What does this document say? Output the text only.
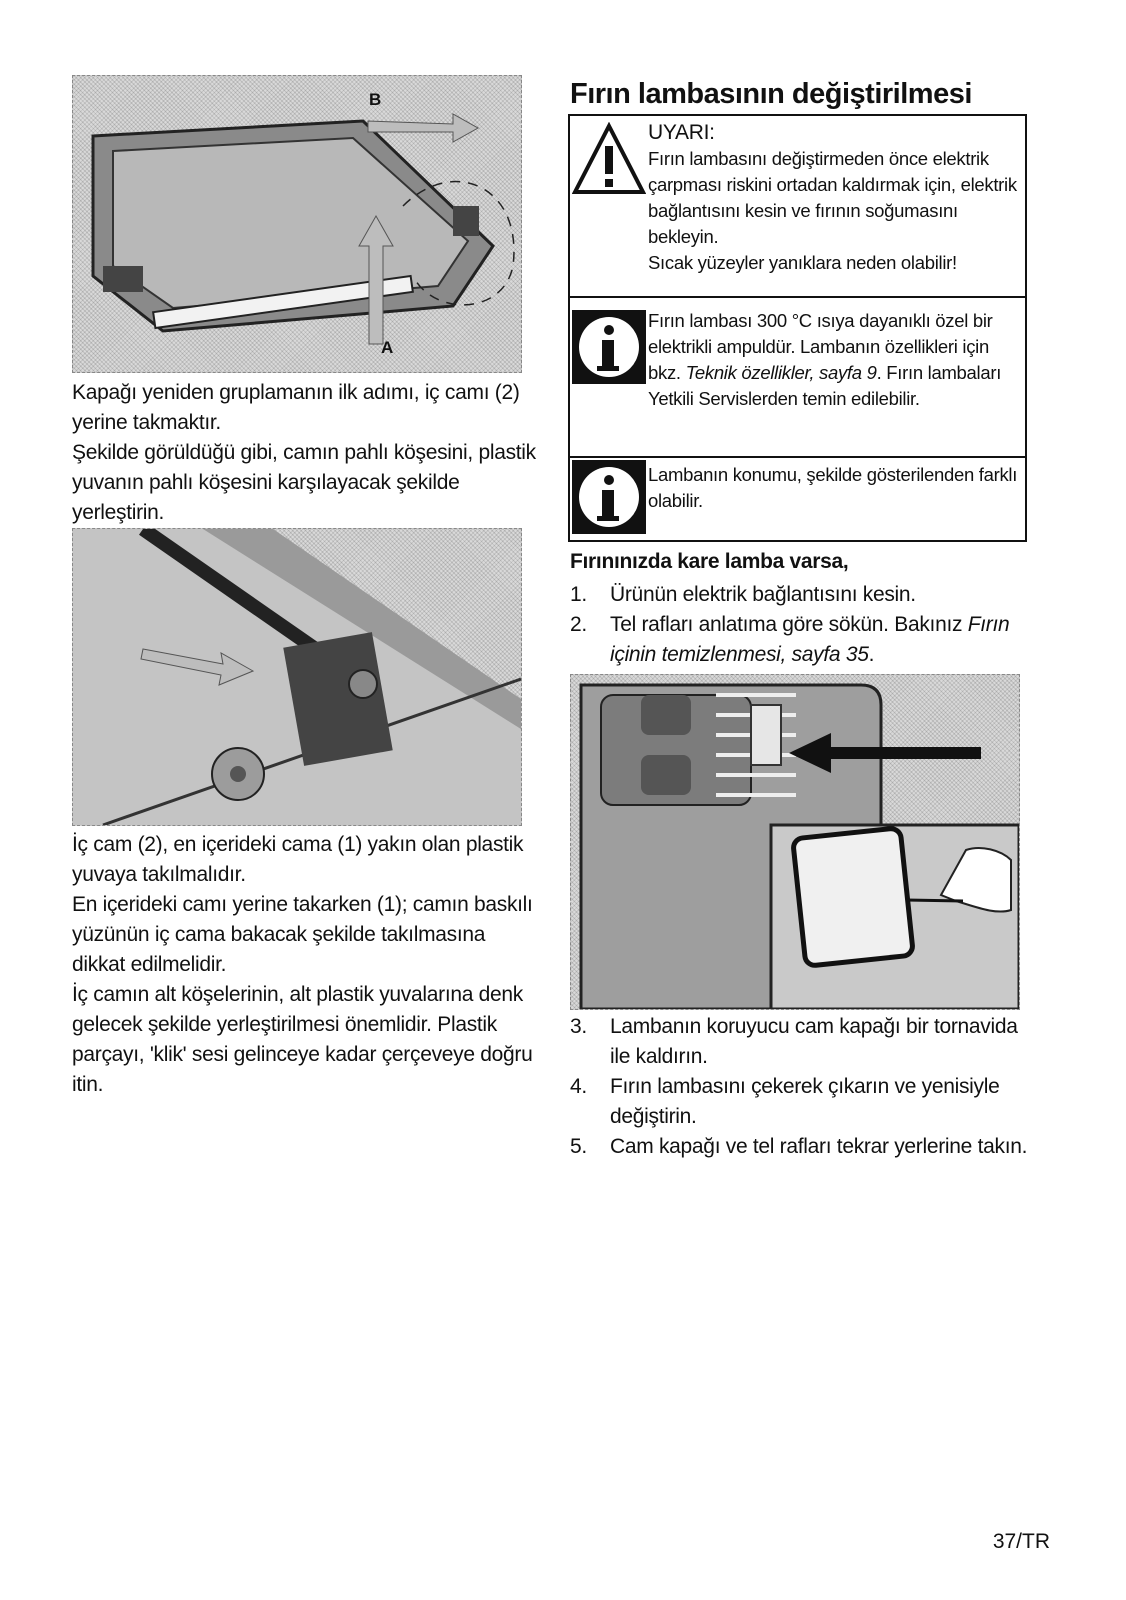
B
A

Kapağı yeniden gruplamanın ilk adımı, iç camı (2) yerine takmaktır.

Şekilde görüldüğü gibi, camın pahlı köşesini, plastik yuvanın pahlı köşesini karşılayacak şekilde yerleştirin.

İç cam (2), en içerideki cama (1) yakın olan plastik yuvaya takılmalıdır.

En içerideki camı yerine takarken (1); camın baskılı yüzünün iç cama bakacak şekilde takılmasına dikkat edilmelidir.

İç camın alt köşelerinin, alt plastik yuvalarına denk gelecek şekilde yerleştirilmesi önemlidir. Plastik parçayı, 'klik' sesi gelinceye kadar çerçeveye doğru itin.

Fırın lambasının değiştirilmesi
UYARI:
Fırın lambasını değiştirmeden önce elektrik çarpması riskini ortadan kaldırmak için, elektrik bağlantısını kesin ve fırının soğumasını bekleyin.
Sıcak yüzeyler yanıklara neden olabilir!
Fırın lambası 300 °C ısıya dayanıklı özel bir elektrikli ampuldür. Lambanın özellikleri için bkz. Teknik özellikler, sayfa 9. Fırın lambaları Yetkili Servislerden temin edilebilir.
Lambanın konumu, şekilde gösterilenden farklı olabilir.
Fırınınızda kare lamba varsa,
1. Ürünün elektrik bağlantısını kesin.
2. Tel rafları anlatıma göre sökün. Bakınız Fırın içinin temizlenmesi, sayfa 35.
3. Lambanın koruyucu cam kapağı bir tornavida ile kaldırın.
4. Fırın lambasını çekerek çıkarın ve yenisiyle değiştirin.
5. Cam kapağı ve tel rafları tekrar yerlerine takın.
37/TR
